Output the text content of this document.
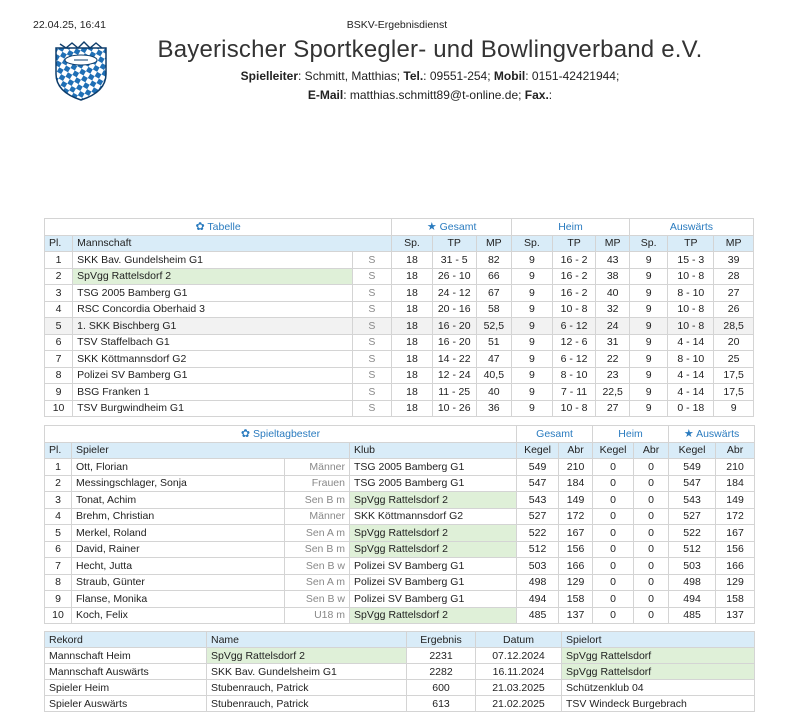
22.04.25, 16:41	BSKV-Ergebnisdienst
Bayerischer Sportkegler- und Bowlingverband e.V.
Spielleiter: Schmitt, Matthias; Tel.: 09551-254; Mobil: 0151-42421944;
E-Mail: matthias.schmitt89@t-online.de; Fax.:
✿ Tabelle			★ Gesamt			Heim			Auswärts		
Pl.	Mannschaft		Sp.	TP	MP	Sp.	TP	MP	Sp.	TP	MP
1	SKK Bav. Gundelsheim G1	S	18	31 - 5	82	9	16 - 2	43	9	15 - 3	39
2	SpVgg Rattelsdorf 2	S	18	26 - 10	66	9	16 - 2	38	9	10 - 8	28
3	TSG 2005 Bamberg G1	S	18	24 - 12	67	9	16 - 2	40	9	8 - 10	27
4	RSC Concordia Oberhaid 3	S	18	20 - 16	58	9	10 - 8	32	9	10 - 8	26
5	1. SKK Bischberg G1	S	18	16 - 20	52,5	9	6 - 12	24	9	10 - 8	28,5
6	TSV Staffelbach G1	S	18	16 - 20	51	9	12 - 6	31	9	4 - 14	20
7	SKK Köttmannsdorf G2	S	18	14 - 22	47	9	6 - 12	22	9	8 - 10	25
8	Polizei SV Bamberg G1	S	18	12 - 24	40,5	9	8 - 10	23	9	4 - 14	17,5
9	BSG Franken 1	S	18	11 - 25	40	9	7 - 11	22,5	9	4 - 14	17,5
10	TSV Burgwindheim G1	S	18	10 - 26	36	9	10 - 8	27	9	0 - 18	9
✿ Spieltagbester				Gesamt		Heim		★ Auswärts	
Pl.	Spieler		Klub	Kegel	Abr	Kegel	Abr	Kegel	Abr
1	Ott, Florian	Männer	TSG 2005 Bamberg G1	549	210	0	0	549	210
2	Messingschlager, Sonja	Frauen	TSG 2005 Bamberg G1	547	184	0	0	547	184
3	Tonat, Achim	Sen B m	SpVgg Rattelsdorf 2	543	149	0	0	543	149
4	Brehm, Christian	Männer	SKK Köttmannsdorf G2	527	172	0	0	527	172
5	Merkel, Roland	Sen A m	SpVgg Rattelsdorf 2	522	167	0	0	522	167
6	David, Rainer	Sen B m	SpVgg Rattelsdorf 2	512	156	0	0	512	156
7	Hecht, Jutta	Sen B w	Polizei SV Bamberg G1	503	166	0	0	503	166
8	Straub, Günter	Sen A m	Polizei SV Bamberg G1	498	129	0	0	498	129
9	Flanse, Monika	Sen B w	Polizei SV Bamberg G1	494	158	0	0	494	158
10	Koch, Felix	U18 m	SpVgg Rattelsdorf 2	485	137	0	0	485	137
Rekord	Name	Ergebnis	Datum	Spielort
Mannschaft Heim	SpVgg Rattelsdorf 2	2231	07.12.2024	SpVgg Rattelsdorf
Mannschaft Auswärts	SKK Bav. Gundelsheim G1	2282	16.11.2024	SpVgg Rattelsdorf
Spieler Heim	Stubenrauch, Patrick	600	21.03.2025	Schützenklub 04
Spieler Auswärts	Stubenrauch, Patrick	613	21.02.2025	TSV Windeck Burgebrach
